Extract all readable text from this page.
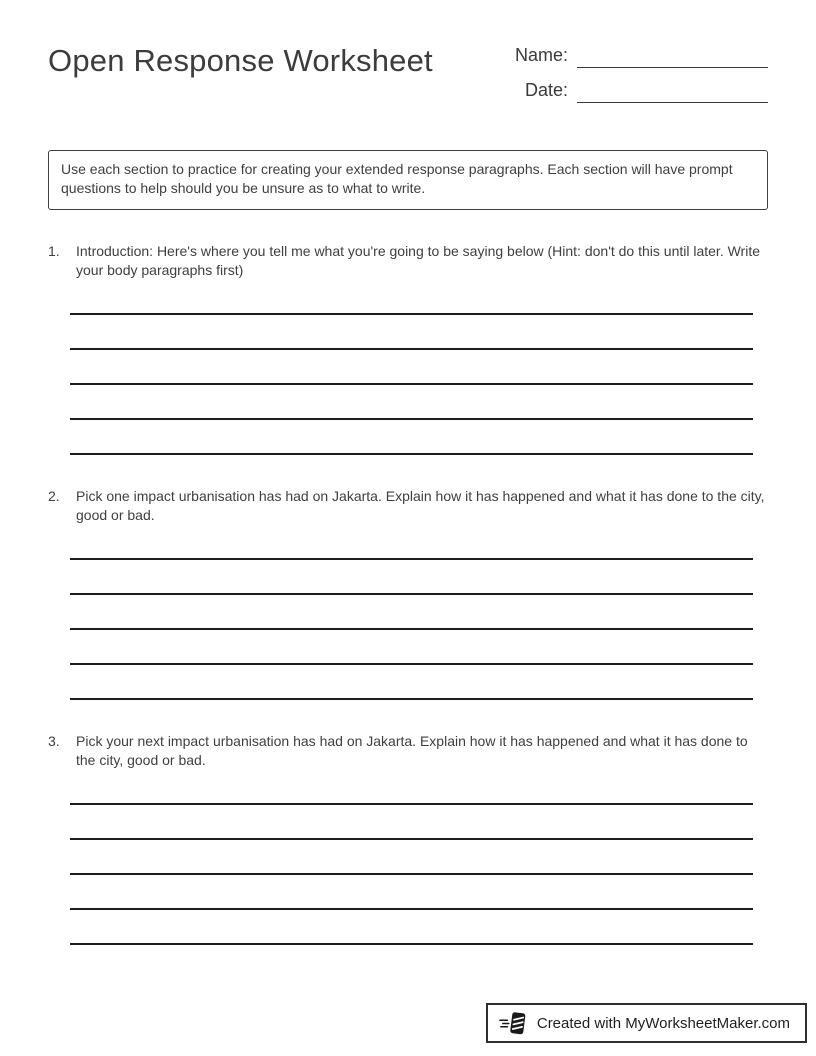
Open Response Worksheet	Name:
Date:
Use each section to practice for creating your extended response paragraphs. Each section will have prompt questions to help should you be unsure as to what to write.
1.	Introduction: Here's where you tell me what you're going to be saying below (Hint: don't do this until later. Write your body paragraphs first)
2.	Pick one impact urbanisation has had on Jakarta. Explain how it has happened and what it has done to the city, good or bad.
3.	Pick your next impact urbanisation has had on Jakarta. Explain how it has happened and what it has done to the city, good or bad.
Created with MyWorksheetMaker.com
